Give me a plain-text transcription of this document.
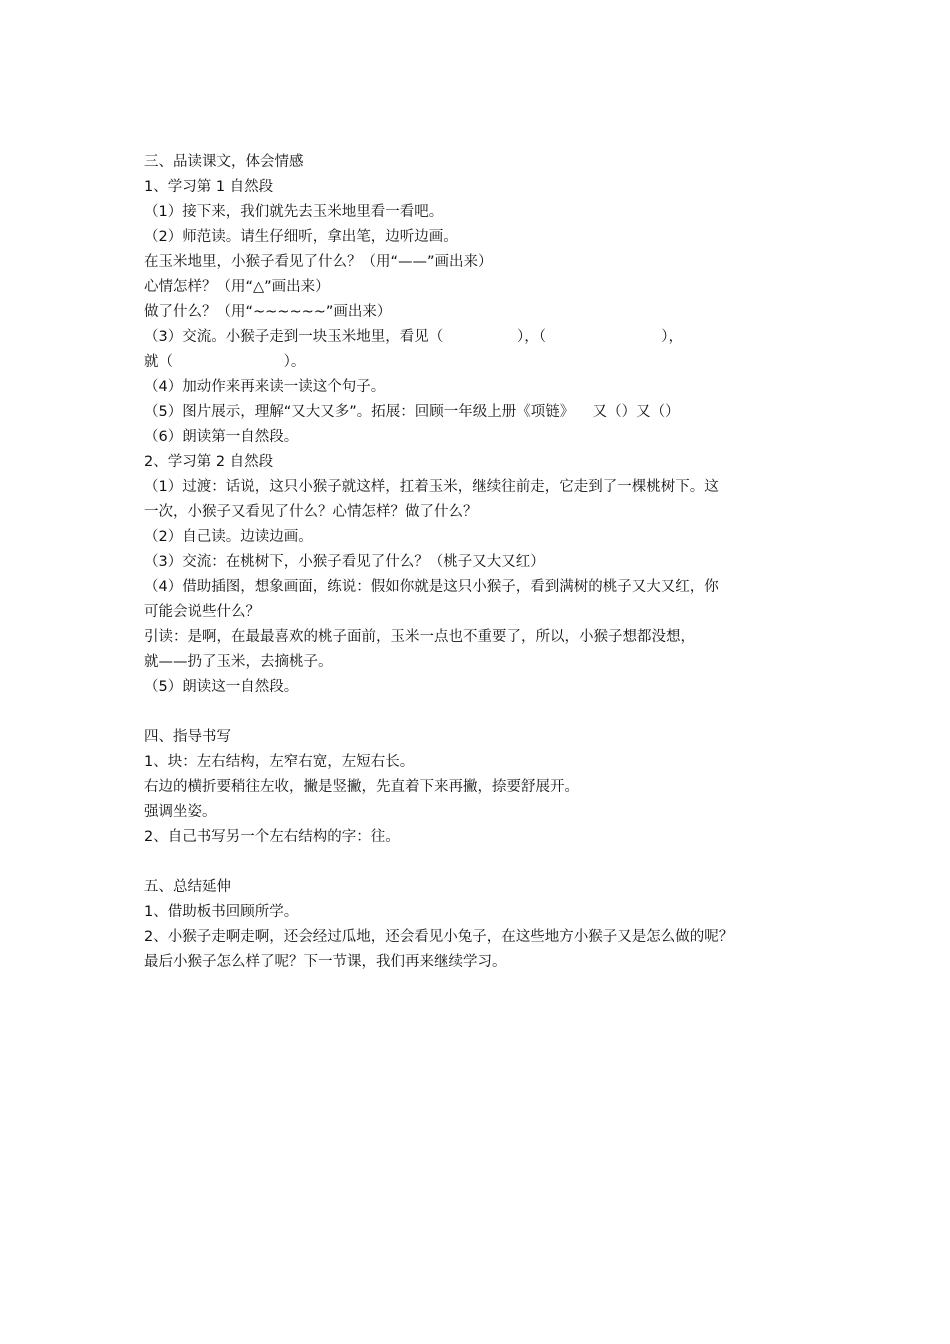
三、品读课文，体会情感
1、学习第 1 自然段
（1）接下来，我们就先去玉米地里看一看吧。
（2）师范读。请生仔细听，拿出笔，边听边画。
在玉米地里，小猴子看见了什么？（用“——”画出来）
心情怎样？（用“△”画出来）
做了什么？（用“~~~~~~”画出来）
（3）交流。小猴子走到一块玉米地里，看见（                ），（                         ），
就（                        ）。
（4）加动作来再来读一读这个句子。
（5）图片展示，理解“又大又多”。拓展：回顾一年级上册《项链》    又（）又（）
（6）朗读第一自然段。
2、学习第 2 自然段
（1）过渡：话说，这只小猴子就这样，扛着玉米，继续往前走，它走到了一棵桃树下。这
一次，小猴子又看见了什么？心情怎样？做了什么？
（2）自己读。边读边画。
（3）交流：在桃树下，小猴子看见了什么？（桃子又大又红）
（4）借助插图，想象画面，练说：假如你就是这只小猴子，看到满树的桃子又大又红，你
可能会说些什么？
引读：是啊，在最最喜欢的桃子面前，玉米一点也不重要了，所以，小猴子想都没想，
就——扔了玉米，去摘桃子。
（5）朗读这一自然段。
四、指导书写
1、块：左右结构，左窄右宽，左短右长。
右边的横折要稍往左收，撇是竖撇，先直着下来再撇，捺要舒展开。
强调坐姿。
2、自己书写另一个左右结构的字：往。
五、总结延伸
1、借助板书回顾所学。
2、小猴子走啊走啊，还会经过瓜地，还会看见小兔子，在这些地方小猴子又是怎么做的呢？
最后小猴子怎么样了呢？下一节课，我们再来继续学习。
